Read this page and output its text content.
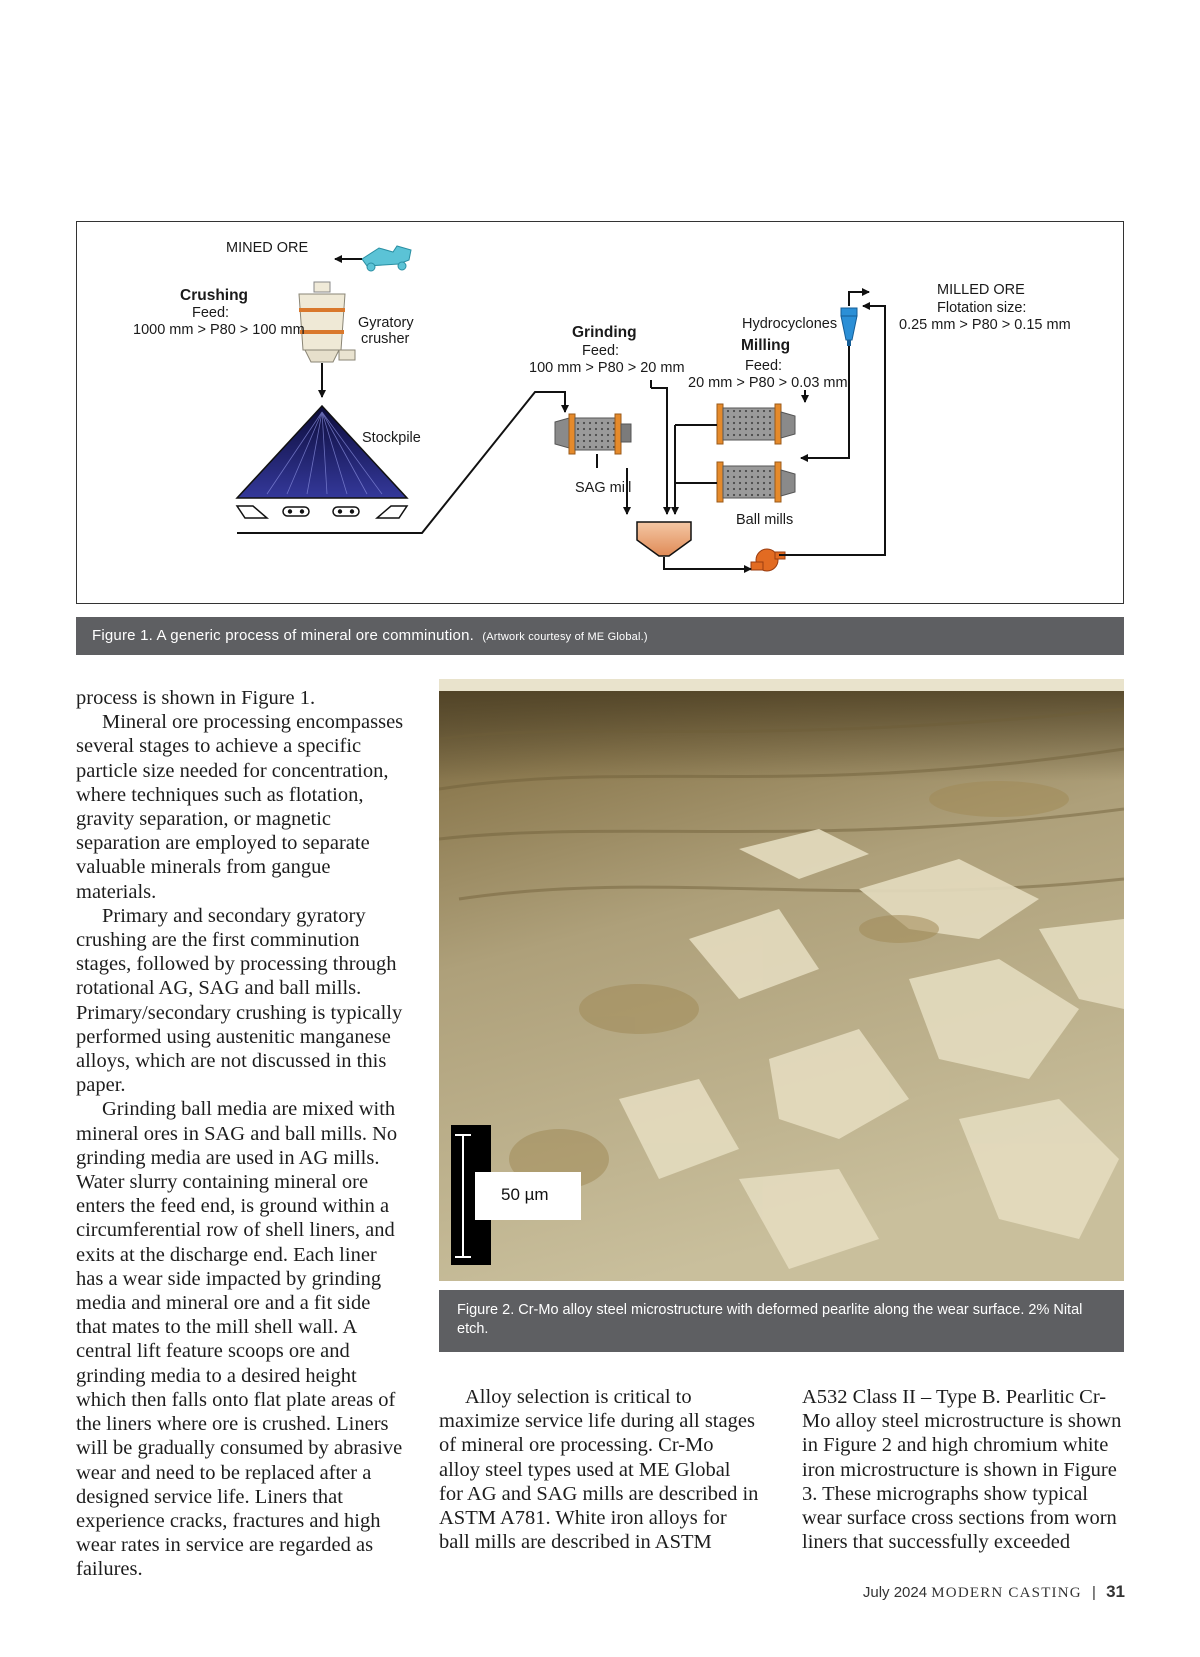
MINED ORE
Crushing
Feed:
1000 mm > P80 > 100 mm	Gyratory
crusher
Stockpile
Grinding
Feed:
100 mm > P80 > 20 mm
SAG mill
Hydrocyclones
Milling
Feed:
20 mm > P80 > 0.03 mm
Ball mills
MILLED ORE
Flotation size:
0.25 mm > P80 > 0.15 mm
Figure 1. A generic process of mineral ore comminution. (Artwork courtesy of ME Global.)
50 µm
Figure 2. Cr-Mo alloy steel microstructure with deformed pearlite along the wear surface. 2% Nital etch.

process is shown in Figure 1.

Mineral ore processing encompasses several stages to achieve a specific particle size needed for concentration, where techniques such as flotation, gravity separation, or magnetic separation are employed to separate valuable minerals from gangue materials.

Primary and secondary gyratory crushing are the first comminution stages, followed by processing through rotational AG, SAG and ball mills. Primary/secondary crushing is typically performed using austenitic manganese alloys, which are not discussed in this paper.

Grinding ball media are mixed with mineral ores in SAG and ball mills. No grinding media are used in AG mills. Water slurry containing mineral ore enters the feed end, is ground within a circumferential row of shell liners, and exits at the discharge end. Each liner has a wear side impacted by grinding media and mineral ore and a fit side that mates to the mill shell wall. A central lift feature scoops ore and grinding media to a desired height which then falls onto flat plate areas of the liners where ore is crushed. Liners will be gradually consumed by abrasive wear and need to be replaced after a designed service life. Liners that experience cracks, fractures and high wear rates in service are regarded as failures.

Alloy selection is critical to maximize service life during all stages of mineral ore processing. Cr-Mo alloy steel types used at ME Global for AG and SAG mills are described in ASTM A781. White iron alloys for ball mills are described in ASTM

A532 Class II – Type B. Pearlitic Cr-Mo alloy steel microstructure is shown in Figure 2 and high chromium white iron microstructure is shown in Figure 3. These micrographs show typical wear surface cross sections from worn liners that successfully exceeded

July 2024 MODERN CASTING | 31
